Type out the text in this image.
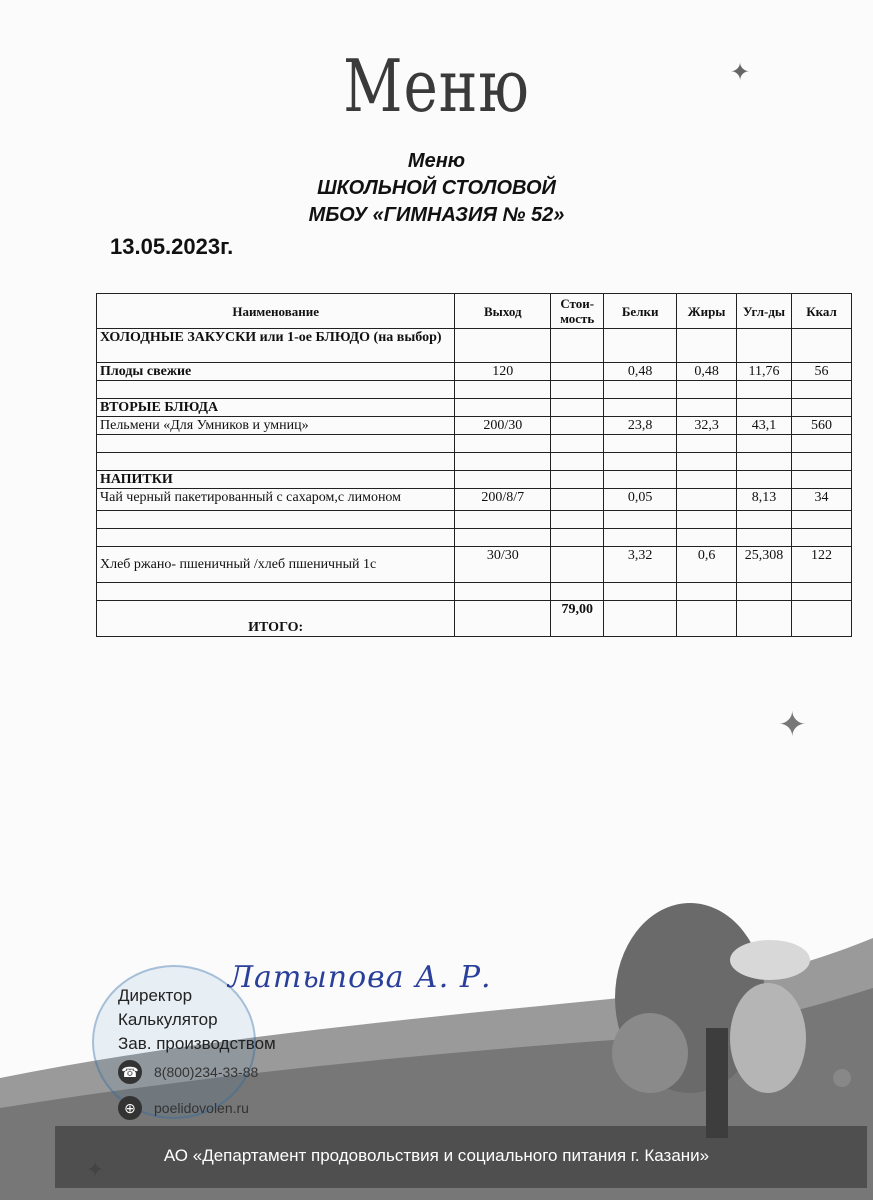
Меню	✦
Меню
ШКОЛЬНОЙ СТОЛОВОЙ
МБОУ «ГИМНАЗИЯ № 52»
13.05.2023г.
Наименование	Выход	Стои-мость	Белки	Жиры	Угл-ды	Ккал
ХОЛОДНЫЕ ЗАКУСКИ или 1-ое БЛЮДО (на выбор)						
Плоды свежие	120		0,48	0,48	11,76	56

ВТОРЫЕ БЛЮДА						
Пельмени «Для Умников и умниц»	200/30		23,8	32,3	43,1	560

НАПИТКИ						
Чай черный пакетированный с сахаром,с лимоном	200/8/7		0,05		8,13	34

Хлеб ржано- пшеничный /хлеб пшеничный 1с	30/30		3,32	0,6	25,308	122

ИТОГО:		79,00				
✦
Латыпова А. Р.
Директор
Калькулятор
Зав. производством
☎ 8(800)234-33-88
⊕	poelidovolen.ru
АО «Департамент продовольствия и социального питания г. Казани»
✦
